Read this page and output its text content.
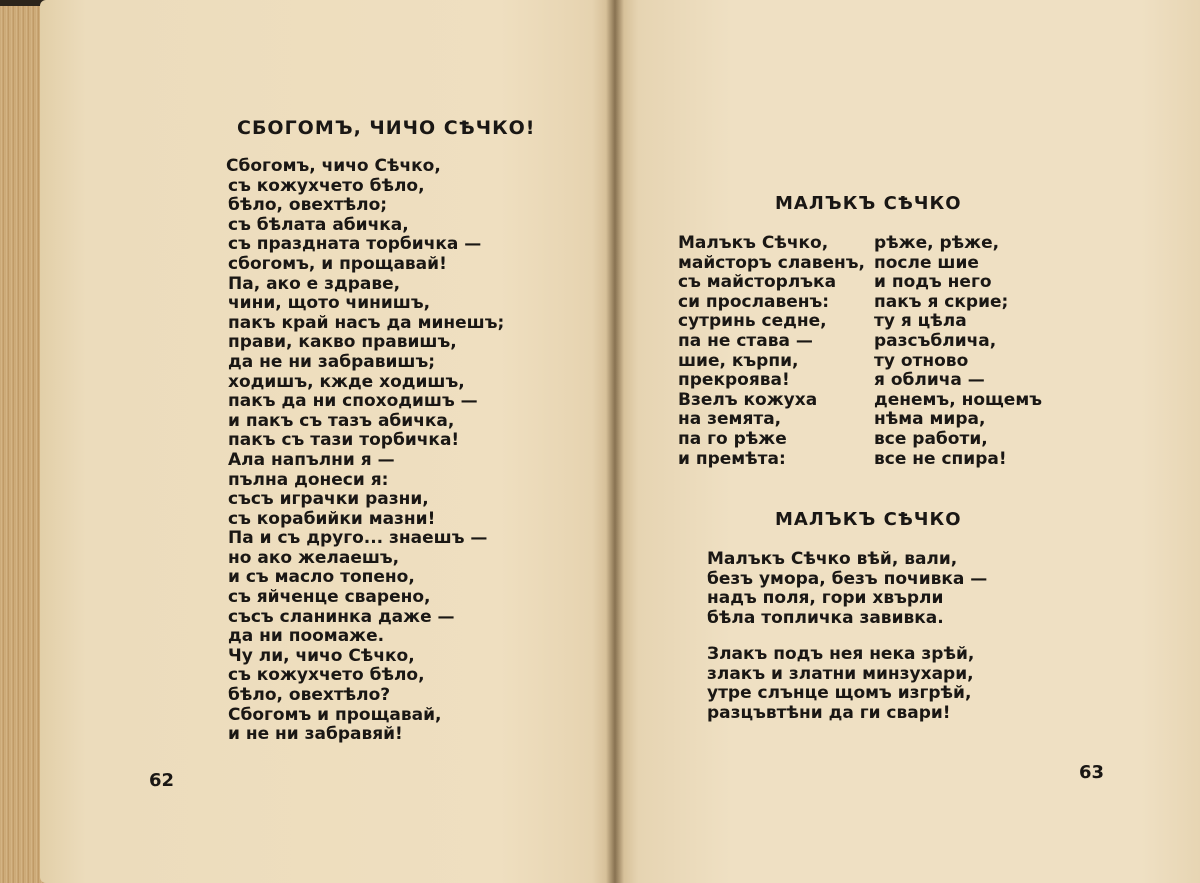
СБОГОМЪ, ЧИЧО СѢЧКО!
Сбогомъ, чичо Сѣчко,
съ кожухчето бѣло,
бѣло, овехтѣло;
съ бѣлата абичка,
съ празднатa торбичка —
сбогомъ, и прощавай!
Па, ако е здраве,
чини, щото чинишъ,
пакъ край насъ да минешъ;
прави, какво правишъ,
да не ни забравишъ;
ходишъ, кжде ходишъ,
пакъ да ни споходишъ —
и пакъ съ тазъ абичка,
пакъ съ тази торбичка!
Ала напълни я —
пълна донеси я:
съсъ играчки разни,
съ корабийки мазни!
Па и съ друго... знаешъ —
но ако желаешъ,
и съ масло топено,
съ яйченце сварено,
съсъ сланинка даже —
да ни поомаже.
Чу ли, чичо Сѣчко,
съ кожухчето бѣло,
бѣло, овехтѣло?
Сбогомъ и прощавай,
и не ни забравяй!
62
МАЛЪКЪ СѢЧКО
Малъкъ Сѣчко,
майсторъ славенъ,
съ майсторлъка
си прославенъ:
сутринь седне,
па не става —
шие, кърпи,
прекроява!
Взелъ кожуха
на земята,
па го рѣже
и премѣта:
рѣже, рѣже,
после шие
и подъ него
пакъ я скрие;
ту я цѣла
разсъблича,
ту отново
я облича —
денемъ, нощемъ
нѣма мира,
все работи,
все не спира!
МАЛЪКЪ СѢЧКО
Малъкъ Сѣчко вѣй, вали,
безъ умора, безъ почивка —
надъ поля, гори хвърли
бѣла топличка завивка.
Злакъ подъ нея нека зрѣй,
злакъ и златни минзухари,
утре слънце щомъ изгрѣй,
разцъвтѣни да ги свари!
63
